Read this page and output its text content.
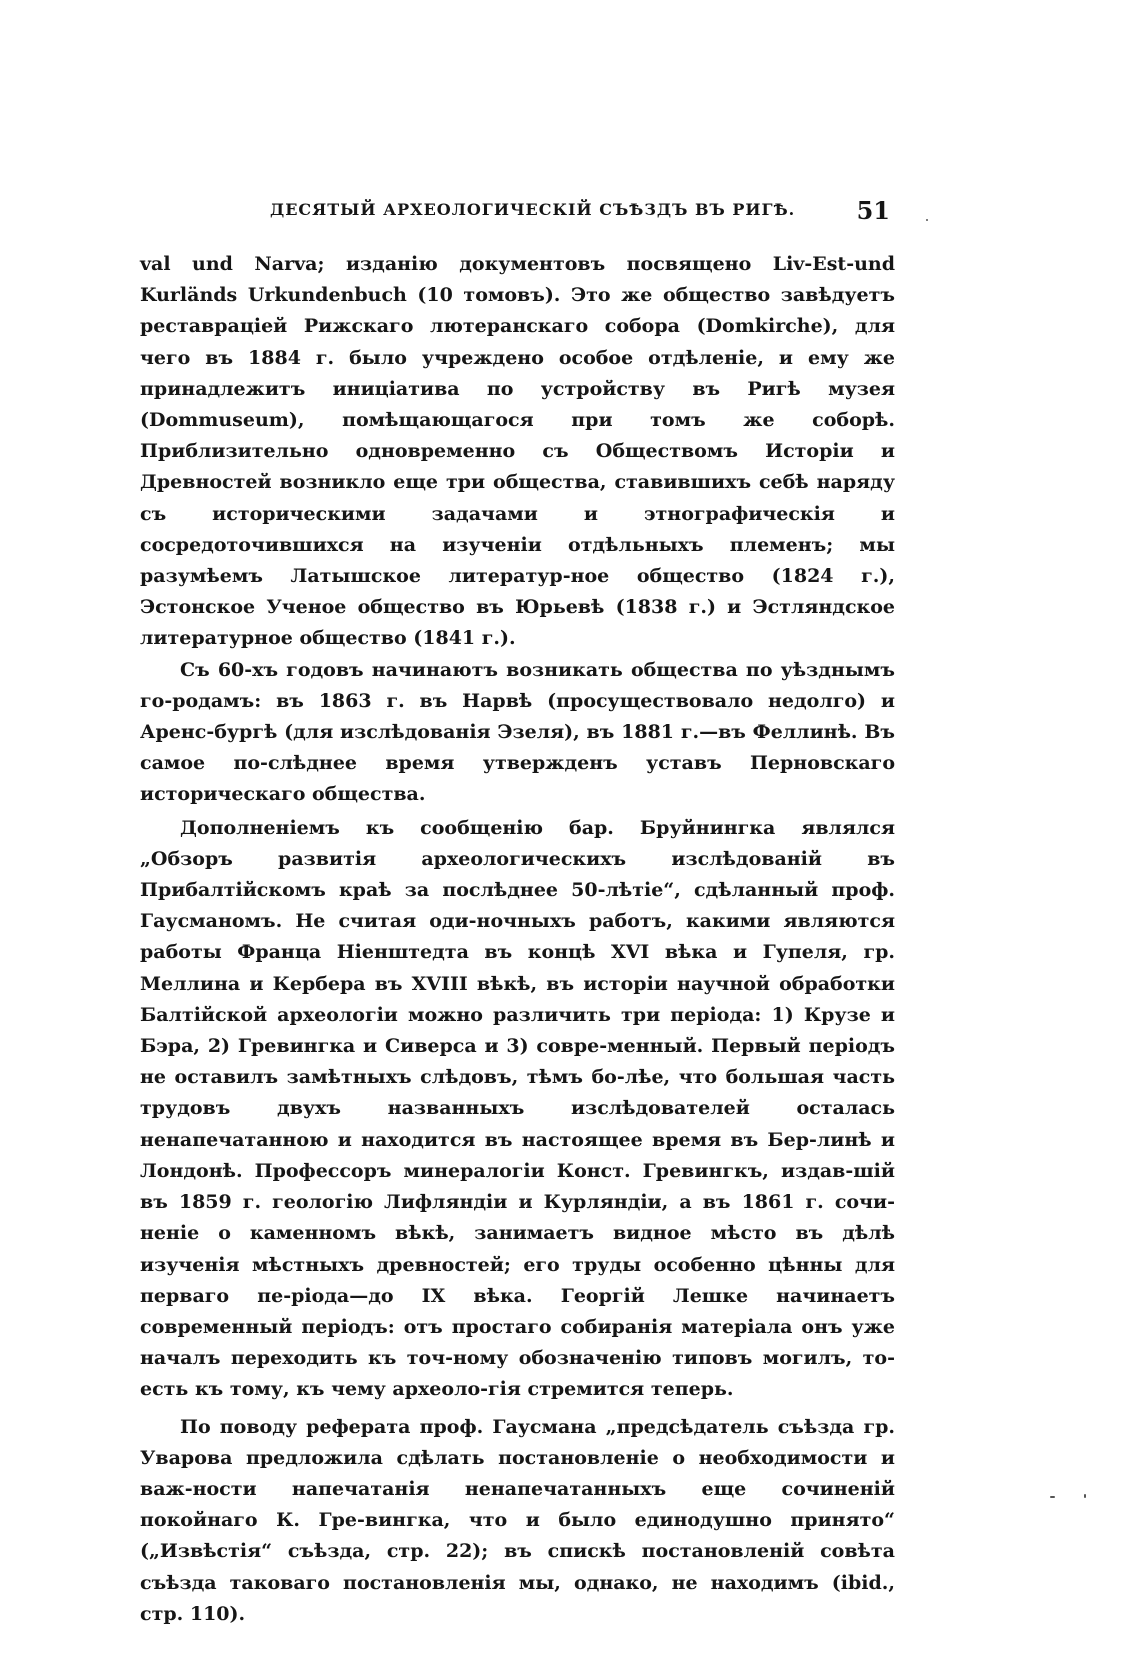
ДЕСЯТЫЙ АРХЕОЛОГИЧЕСКІЙ СЪѢЗДЪ ВЪ РИГѢ.	51

val und Narva; изданію документовъ посвящено Liv-Est-und Kurländs Urkundenbuch (10 томовъ). Это же общество завѣдуетъ реставраціей Рижскаго лютеранскаго собора (Domkirche), для чего въ 1884 г. было учреждено особое отдѣленіе, и ему же принадлежитъ иниціатива по устройству въ Ригѣ музея (Dommuseum), помѣщающагося при томъ же соборѣ. Приблизительно одновременно съ Обществомъ Исторіи и Древностей возникло еще три общества, ставившихъ себѣ наряду съ историческими задачами и этнографическія и сосредоточившихся на изученіи отдѣльныхъ племенъ; мы разумѣемъ Латышское литератур-ное общество (1824 г.), Эстонское Ученое общество въ Юрьевѣ (1838 г.) и Эстляндское литературное общество (1841 г.).

Съ 60-хъ годовъ начинаютъ возникать общества по уѣзднымъ го-родамъ: въ 1863 г. въ Нарвѣ (просуществовало недолго) и Аренс-бургѣ (для изслѣдованія Эзеля), въ 1881 г.—въ Феллинѣ. Въ самое по-слѣднее время утвержденъ уставъ Перновскаго историческаго общества.

Дополненіемъ къ сообщенію бар. Бруйнингка являлся „Обзоръ развитія археологическихъ изслѣдованій въ Прибалтійскомъ краѣ за послѣднее 50-лѣтіе“, сдѣланный проф. Гаусманомъ. Не считая оди-ночныхъ работъ, какими являются работы Франца Ніенштедта въ концѣ XVI вѣка и Гупеля, гр. Меллина и Кербера въ XVIII вѣкѣ, въ исторіи научной обработки Балтійской археологіи можно различить три періода: 1) Крузе и Бэра, 2) Гревингка и Сиверса и 3) совре-менный. Первый періодъ не оставилъ замѣтныхъ слѣдовъ, тѣмъ бо-лѣе, что большая часть трудовъ двухъ названныхъ изслѣдователей осталась ненапечатанною и находится въ настоящее время въ Бер-линѣ и Лондонѣ. Профессоръ минералогіи Конст. Гревингкъ, издав-шій въ 1859 г. геологію Лифляндіи и Курляндіи, а въ 1861 г. сочи-неніе о каменномъ вѣкѣ, занимаетъ видное мѣсто въ дѣлѣ изученія мѣстныхъ древностей; его труды особенно цѣнны для перваго пе-ріода—до IX вѣка. Георгій Лешке начинаетъ современный періодъ: отъ простаго собиранія матеріала онъ уже началъ переходить къ точ-ному обозначенію типовъ могилъ, то-есть къ тому, къ чему археоло-гія стремится теперь.

По поводу реферата проф. Гаусмана „предсѣдатель съѣзда гр. Уварова предложила сдѣлать постановленіе о необходимости и важ-ности напечатанія ненапечатанныхъ еще сочиненій покойнаго К. Гре-вингка, что и было единодушно принято“ („Извѣстія“ съѣзда, стр. 22); въ спискѣ постановленій совѣта съѣзда таковаго постановленія мы, однако, не находимъ (ibid., стр. 110).
